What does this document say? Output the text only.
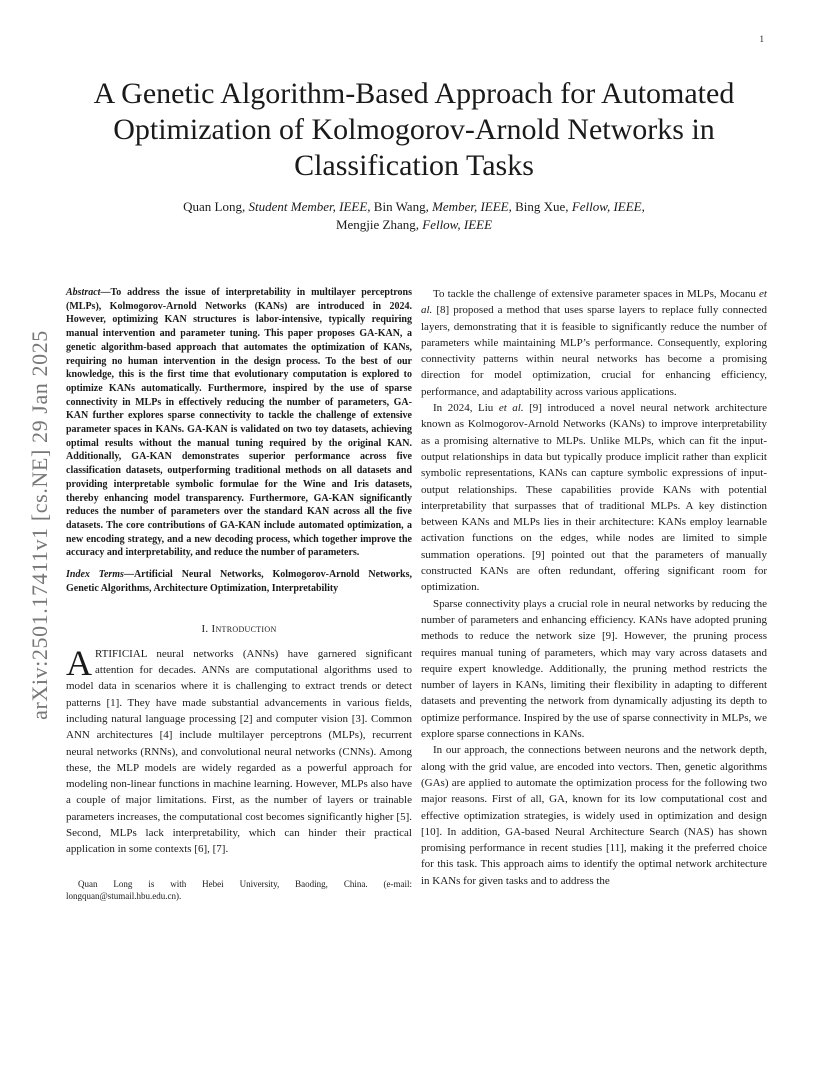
1
arXiv:2501.17411v1 [cs.NE] 29 Jan 2025
A Genetic Algorithm-Based Approach for Automated Optimization of Kolmogorov-Arnold Networks in Classification Tasks
Quan Long, Student Member, IEEE, Bin Wang, Member, IEEE, Bing Xue, Fellow, IEEE,
Mengjie Zhang, Fellow, IEEE
Abstract—To address the issue of interpretability in multilayer perceptrons (MLPs), Kolmogorov-Arnold Networks (KANs) are introduced in 2024. However, optimizing KAN structures is labor-intensive, typically requiring manual intervention and parameter tuning. This paper proposes GA-KAN, a genetic algorithm-based approach that automates the optimization of KANs, requiring no human intervention in the design process. To the best of our knowledge, this is the first time that evolutionary computation is explored to optimize KANs automatically. Furthermore, inspired by the use of sparse connectivity in MLPs in effectively reducing the number of parameters, GA-KAN further explores sparse connectivity to tackle the challenge of extensive parameter spaces in KANs. GA-KAN is validated on two toy datasets, achieving optimal results without the manual tuning required by the original KAN. Additionally, GA-KAN demonstrates superior performance across five classification datasets, outperforming traditional methods on all datasets and providing interpretable symbolic formulae for the Wine and Iris datasets, thereby enhancing model transparency. Furthermore, GA-KAN significantly reduces the number of parameters over the standard KAN across all the five datasets. The core contributions of GA-KAN include automated optimization, a new encoding strategy, and a new decoding process, which together improve the accuracy and interpretability, and reduce the number of parameters.
Index Terms—Artificial Neural Networks, Kolmogorov-Arnold Networks, Genetic Algorithms, Architecture Optimization, Interpretability
I. Introduction

ARTIFICIAL neural networks (ANNs) have garnered significant attention for decades. ANNs are computational algorithms used to model data in scenarios where it is challenging to extract trends or detect patterns [1]. They have made substantial advancements in various fields, including natural language processing [2] and computer vision [3]. Common ANN architectures [4] include multilayer perceptrons (MLPs), recurrent neural networks (RNNs), and convolutional neural networks (CNNs). Among these, the MLP models are widely regarded as a powerful approach for modeling non-linear functions in machine learning. However, MLPs also have a couple of major limitations. First, as the number of layers or trainable parameters increases, the computational cost becomes significantly higher [5]. Second, MLPs lack interpretability, which can hinder their practical application in some contexts [6], [7].

Quan Long is with Hebei University, Baoding, China. (e-mail: longquan@stumail.hbu.edu.cn).

To tackle the challenge of extensive parameter spaces in MLPs, Mocanu et al. [8] proposed a method that uses sparse layers to replace fully connected layers, demonstrating that it is feasible to significantly reduce the number of parameters while maintaining MLP’s performance. Consequently, exploring connectivity patterns within neural networks has become a promising direction for model optimization, crucial for enhancing efficiency, performance, and adaptability across various applications.

In 2024, Liu et al. [9] introduced a novel neural network architecture known as Kolmogorov-Arnold Networks (KANs) to improve interpretability as a promising alternative to MLPs. Unlike MLPs, which can fit the input-output relationships in data but typically produce implicit rather than explicit symbolic representations, KANs can capture symbolic expressions of input-output relationships. These capabilities provide KANs with potential interpretability that surpasses that of traditional MLPs. A key distinction between KANs and MLPs lies in their architecture: KANs employ learnable activation functions on the edges, while nodes are limited to simple summation operations. [9] pointed out that the parameters of manually constructed KANs are often redundant, offering significant room for optimization.

Sparse connectivity plays a crucial role in neural networks by reducing the number of parameters and enhancing efficiency. KANs have adopted pruning methods to reduce the network size [9]. However, the pruning process requires manual tuning of parameters, which may vary across datasets and require expert knowledge. Additionally, the pruning method restricts the number of layers in KANs, limiting their flexibility in adapting to different datasets and preventing the network from dynamically adjusting its depth to optimize performance. Inspired by the use of sparse connectivity in MLPs, we explore sparse connections in KANs.

In our approach, the connections between neurons and the network depth, along with the grid value, are encoded into vectors. Then, genetic algorithms (GAs) are applied to automate the optimization process for the following two major reasons. First of all, GA, known for its low computational cost and effective optimization strategies, is widely used in optimization and design [10]. In addition, GA-based Neural Architecture Search (NAS) has shown promising performance in recent studies [11], making it the preferred choice for this task. This approach aims to identify the optimal network architecture in KANs for given tasks and to address the
